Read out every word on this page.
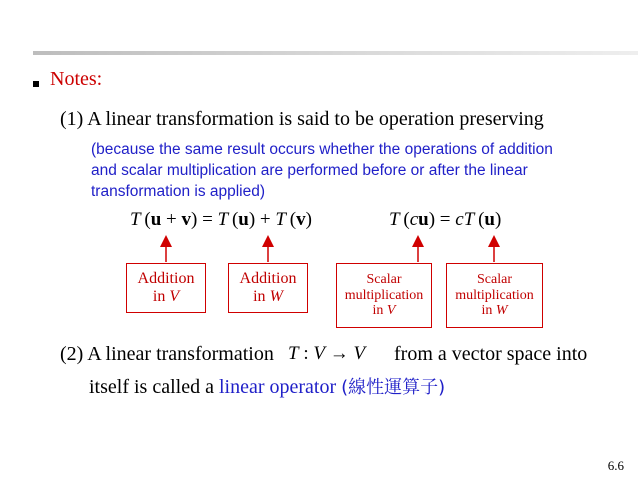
Notes:
(1) A linear transformation is said to be operation preserving
(because the same result occurs whether the operations of addition
and scalar multiplication are performed before or after the linear
transformation is applied)
T (u + v) = T (u) + T (v)	T (cu) = cT (u)
Addition
in V
Addition
in W
Scalar
multiplication
in V
Scalar
multiplication
in W
(2) A linear transformation T : V → V from a vector space into
itself is called a linear operator (線性運算子)
6.6
